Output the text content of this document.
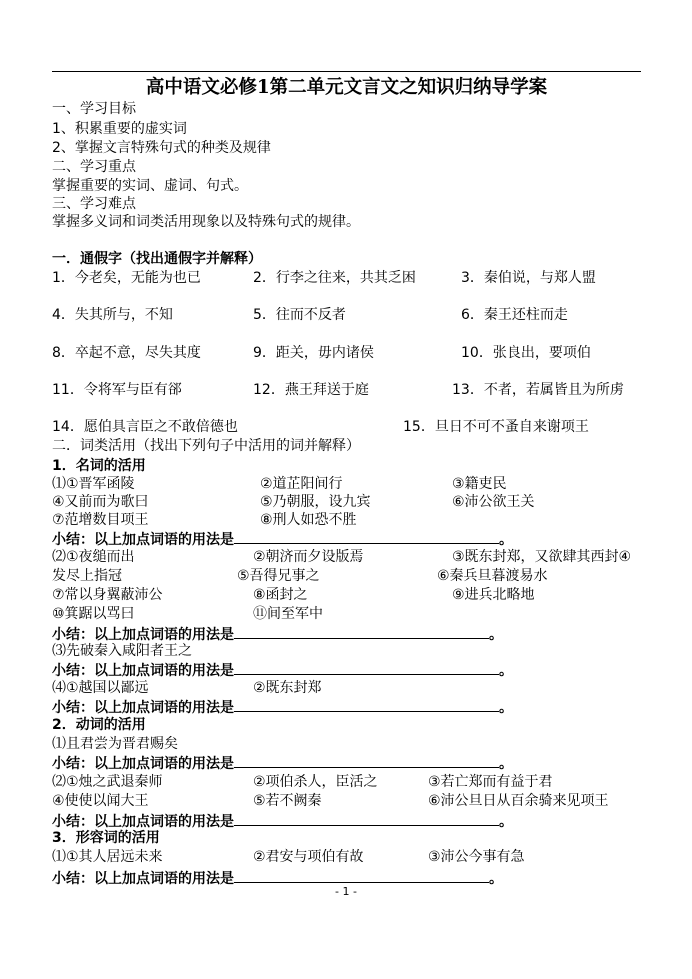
高中语文必修1第二单元文言文之知识归纳导学案
一、学习目标
1、积累重要的虚实词
2、掌握文言特殊句式的种类及规律
二、学习重点
掌握重要的实词、虚词、句式。
三、学习难点
掌握多义词和词类活用现象以及特殊句式的规律。
一．通假字（找出通假字并解释）
1．今老矣，无能为也已	2．行李之往来，共其乏困	3．秦伯说，与郑人盟
4．失其所与，不知	5．往而不反者	6．秦王还柱而走
8．卒起不意，尽失其度	9．距关，毋内诸侯	10．张良出，要项伯
11．令将军与臣有郤	12．燕王拜送于庭	13．不者，若属皆且为所虏
14．愿伯具言臣之不敢倍德也	15．旦日不可不蚤自来谢项王
二．词类活用（找出下列句子中活用的词并解释）
1．名词的活用
⑴①晋军函陵	②道芷阳间行	③籍吏民
④又前而为歌曰	⑤乃朝服，设九宾	⑥沛公欲王关
⑦范增数目项王	⑧刑人如恐不胜
小结：以上加点词语的用法是	。
⑵①夜缒而出	②朝济而夕设版焉	③既东封郑，又欲肆其西封④
发尽上指冠	⑤吾得兄事之	⑥秦兵旦暮渡易水
⑦常以身翼蔽沛公	⑧函封之	⑨进兵北略地
⑩箕踞以骂曰	⑪间至军中
小结：以上加点词语的用法是	。
⑶先破秦入咸阳者王之
小结：以上加点词语的用法是	。
⑷①越国以鄙远	②既东封郑
小结：以上加点词语的用法是	。
2．动词的活用
⑴且君尝为晋君赐矣
小结：以上加点词语的用法是	。
⑵①烛之武退秦师	②项伯杀人，臣活之	③若亡郑而有益于君
④使使以闻大王	⑤若不阙秦	⑥沛公旦日从百余骑来见项王
小结：以上加点词语的用法是	。
3．形容词的活用
⑴①其人居远未来	②君安与项伯有故	③沛公今事有急
小结：以上加点词语的用法是	。
- 1 -
